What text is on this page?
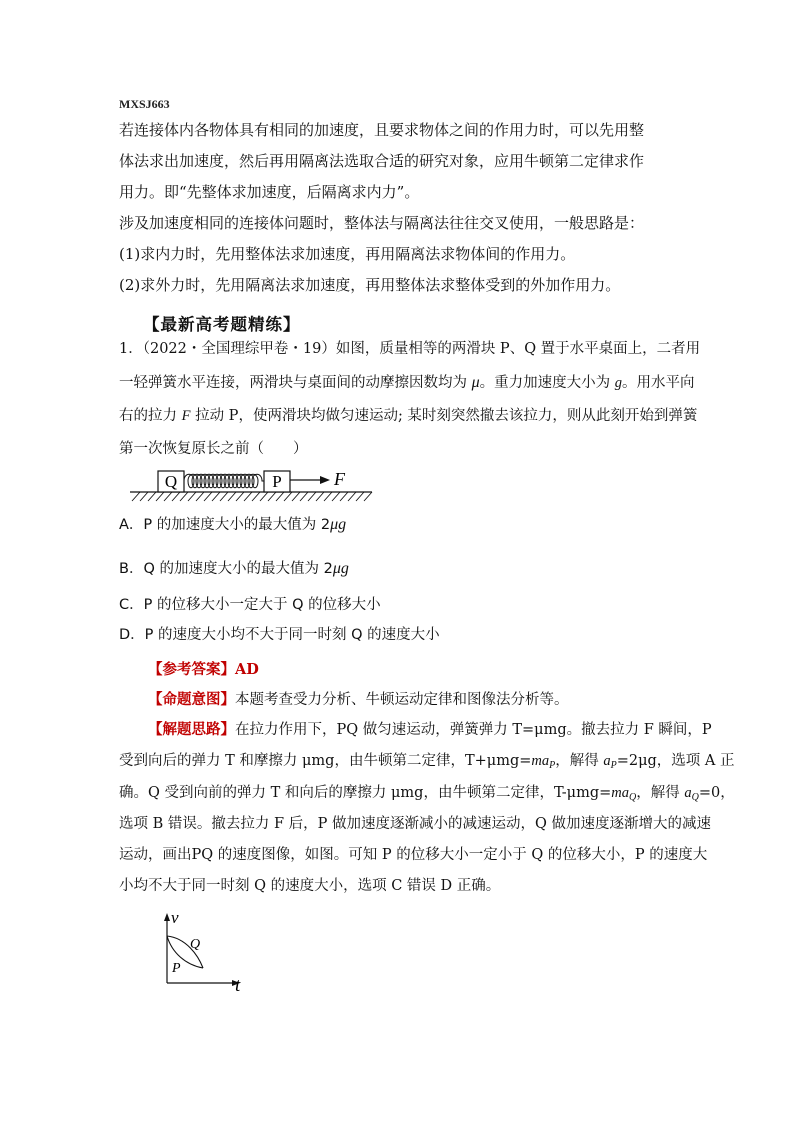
MXSJ663
若连接体内各物体具有相同的加速度，且要求物体之间的作用力时，可以先用整
体法求出加速度，然后再用隔离法选取合适的研究对象，应用牛顿第二定律求作
用力。即“先整体求加速度，后隔离求内力”。
涉及加速度相同的连接体问题时，整体法与隔离法往往交叉使用，一般思路是：
(1)求内力时，先用整体法求加速度，再用隔离法求物体间的作用力。
(2)求外力时，先用隔离法求加速度，再用整体法求整体受到的外加作用力。
【最新高考题精练】
1．（2022・全国理综甲卷・19）如图，质量相等的两滑块 P、Q 置于水平桌面上，二者用
一轻弹簧水平连接，两滑块与桌面间的动摩擦因数均为 μ。重力加速度大小为 g。用水平向
右的拉力 F 拉动 P，使两滑块均做匀速运动; 某时刻突然撤去该拉力，则从此刻开始到弹簧
第一次恢复原长之前（　　）
Q	P	F
A．P 的加速度大小的最大值为 2μg
B．Q 的加速度大小的最大值为 2μg
C．P 的位移大小一定大于 Q 的位移大小
D．P 的速度大小均不大于同一时刻 Q 的速度大小
【参考答案】AD
【命题意图】本题考查受力分析、牛顿运动定律和图像法分析等。
【解题思路】在拉力作用下，PQ 做匀速运动，弹簧弹力 T=μmg。撤去拉力 F 瞬间，P
受到向后的弹力 T 和摩擦力 μmg，由牛顿第二定律，$T+\mu mg=ma_P$，解得 $a_P=2\mu g$，选项 A 正
确。Q 受到向前的弹力 T 和向后的摩擦力 μmg，由牛顿第二定律，$T-\mu mg=ma_Q$，解得 $a_Q=0$，
选项 B 错误。撤去拉力 F 后，P 做加速度逐渐减小的减速运动，Q 做加速度逐渐增大的减速
运动，画出PQ 的速度图像，如图。可知 P 的位移大小一定小于 Q 的位移大小，P 的速度大
小均不大于同一时刻 Q 的速度大小，选项 C 错误 D 正确。
v
t
Q
P
